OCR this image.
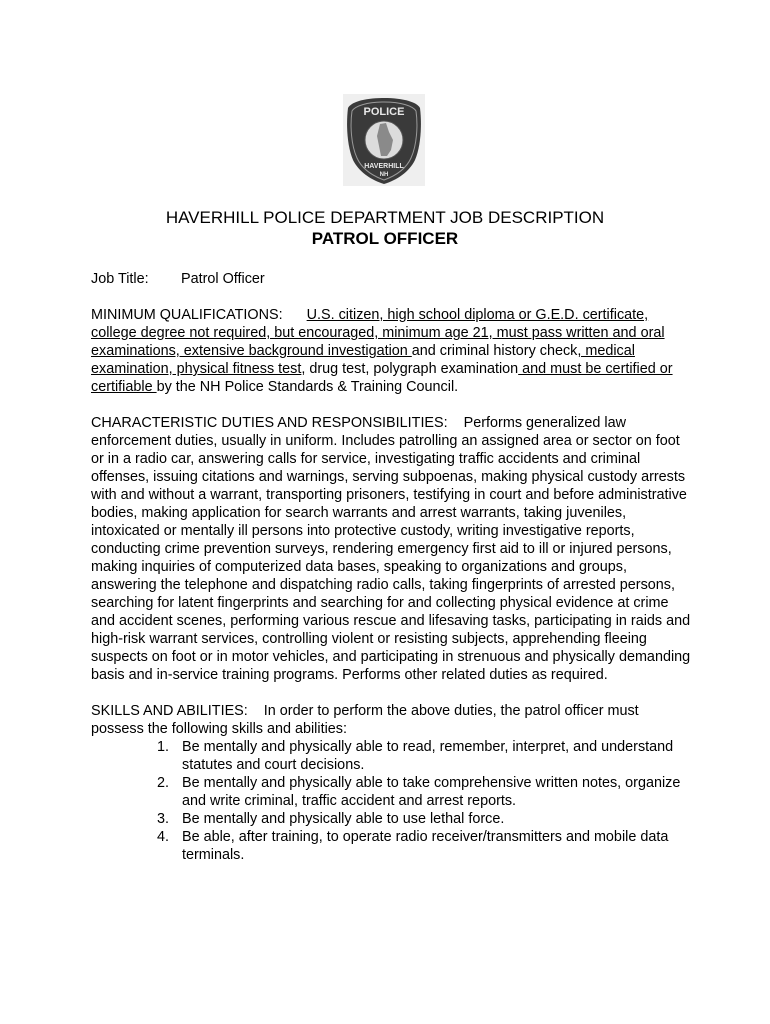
POLICE
HAVERHILL
NH
HAVERHILL POLICE DEPARTMENT JOB DESCRIPTION
PATROL OFFICER

Job Title: Patrol Officer

MINIMUM QUALIFICATIONS: U.S. citizen, high school diploma or G.E.D. certificate, college degree not required, but encouraged, minimum age 21, must pass written and oral examinations, extensive background investigation and criminal history check, medical examination, physical fitness test, drug test, polygraph examination and must be certified or certifiable by the NH Police Standards & Training Council.

CHARACTERISTIC DUTIES AND RESPONSIBILITIES: Performs generalized law enforcement duties, usually in uniform. Includes patrolling an assigned area or sector on foot or in a radio car, answering calls for service, investigating traffic accidents and criminal offenses, issuing citations and warnings, serving subpoenas, making physical custody arrests with and without a warrant, transporting prisoners, testifying in court and before administrative bodies, making application for search warrants and arrest warrants, taking juveniles, intoxicated or mentally ill persons into protective custody, writing investigative reports, conducting crime prevention surveys, rendering emergency first aid to ill or injured persons, making inquiries of computerized data bases, speaking to organizations and groups, answering the telephone and dispatching radio calls, taking fingerprints of arrested persons, searching for latent fingerprints and searching for and collecting physical evidence at crime and accident scenes, performing various rescue and lifesaving tasks, participating in raids and high-risk warrant services, controlling violent or resisting subjects, apprehending fleeing suspects on foot or in motor vehicles, and participating in strenuous and physically demanding basis and in-service training programs. Performs other related duties as required.

SKILLS AND ABILITIES: In order to perform the above duties, the patrol officer must possess the following skills and abilities:

1. Be mentally and physically able to read, remember, interpret, and understand statutes and court decisions.
2. Be mentally and physically able to take comprehensive written notes, organize and write criminal, traffic accident and arrest reports.
3. Be mentally and physically able to use lethal force.
4. Be able, after training, to operate radio receiver/transmitters and mobile data terminals.
